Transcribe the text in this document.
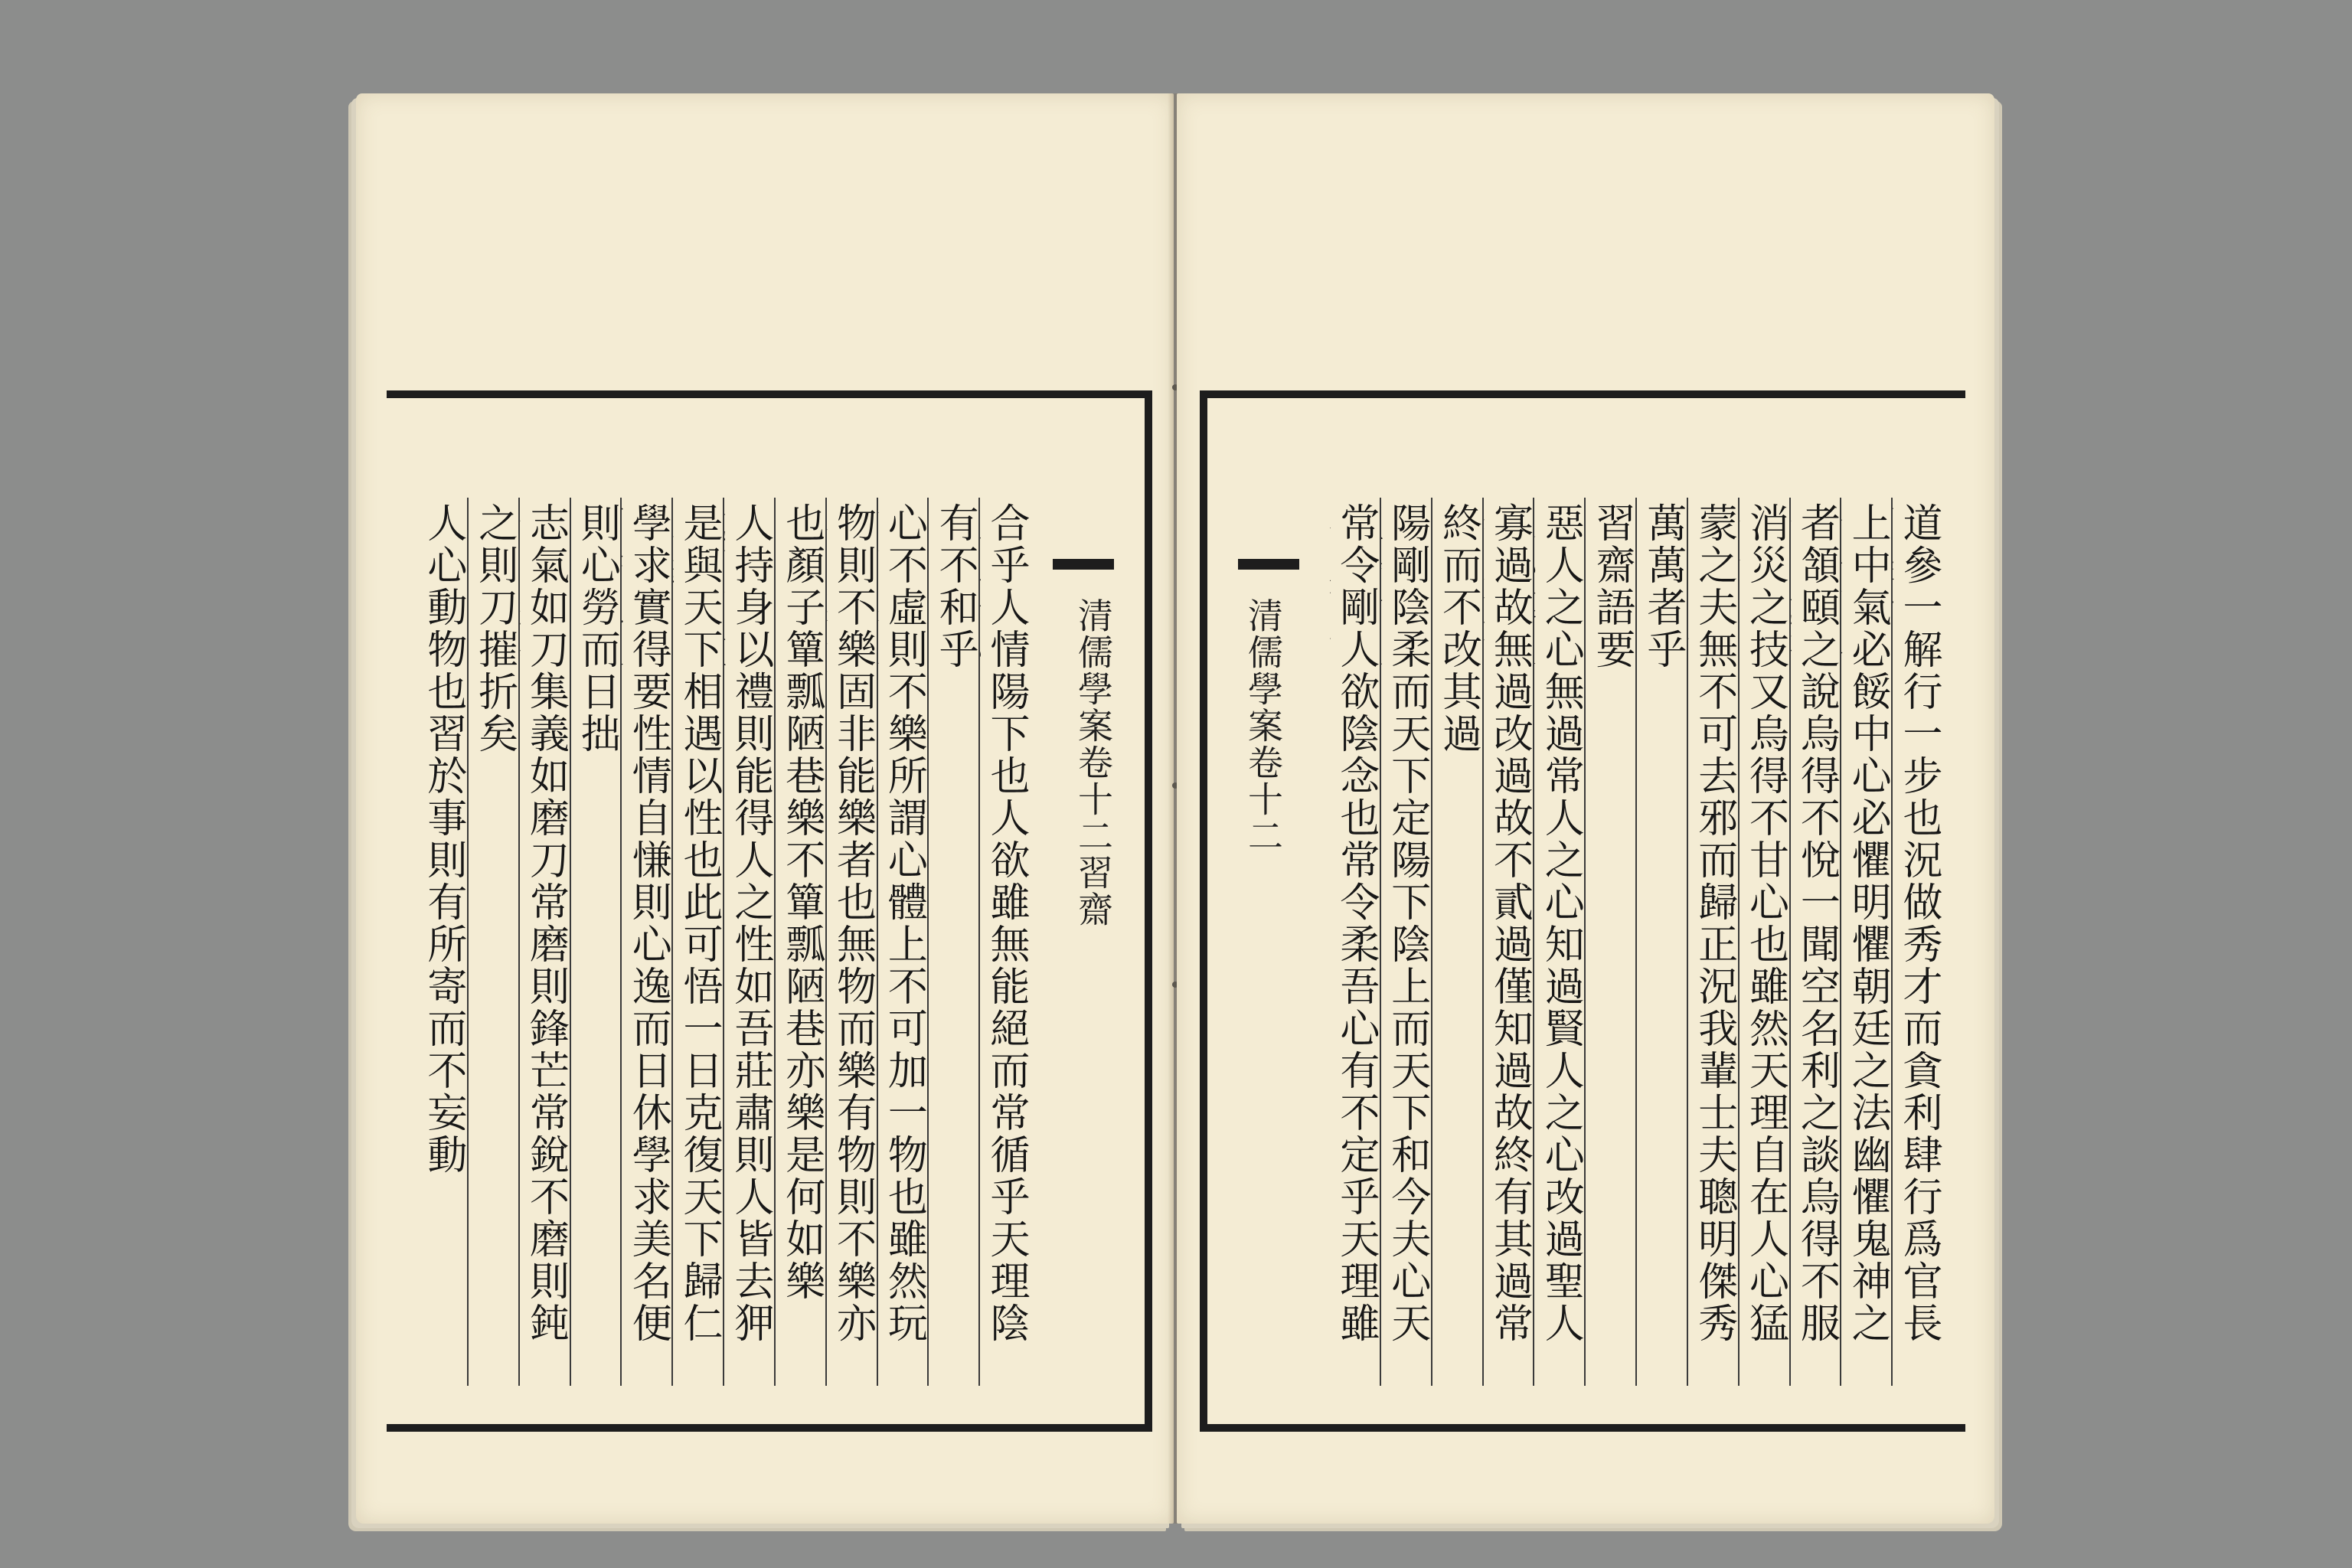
合乎人情陽下也人欲雖無能絕而常循乎天理陰
有不和乎
心不虛則不樂所謂心體上不可加一物也雖然玩
物則不樂固非能樂者也無物而樂有物則不樂亦
也顏子簞瓢陋巷樂不簞瓢陋巷亦樂是何如樂
人持身以禮則能得人之性如吾莊肅則人皆去狎
是與天下相遇以性也此可悟一日克復天下歸仁
學求實得要性情自慊則心逸而日休學求美名便
則心勞而日拙
志氣如刀集義如磨刀常磨則鋒芒常銳不磨則鈍
之則刀摧折矣
人心動物也習於事則有所寄而不妄動	清儒學案卷十二習齋	清儒學案卷十二
道參一解行一步也況做秀才而貪利肆行爲官長
上中氣必餒中心必懼明懼朝廷之法幽懼鬼神之
者頷頤之說烏得不悅一聞空名利之談烏得不服
消災之技又烏得不甘心也雖然天理自在人心猛
蒙之夫無不可去邪而歸正況我輩士夫聰明傑秀
萬萬者乎
習齋語要
惡人之心無過常人之心知過賢人之心改過聖人
寡過故無過改過故不貳過僅知過故終有其過常
終而不改其過
陽剛陰柔而天下定陽下陰上而天下和今夫心天
常令剛人欲陰念也常令柔吾心有不定乎天理雖
